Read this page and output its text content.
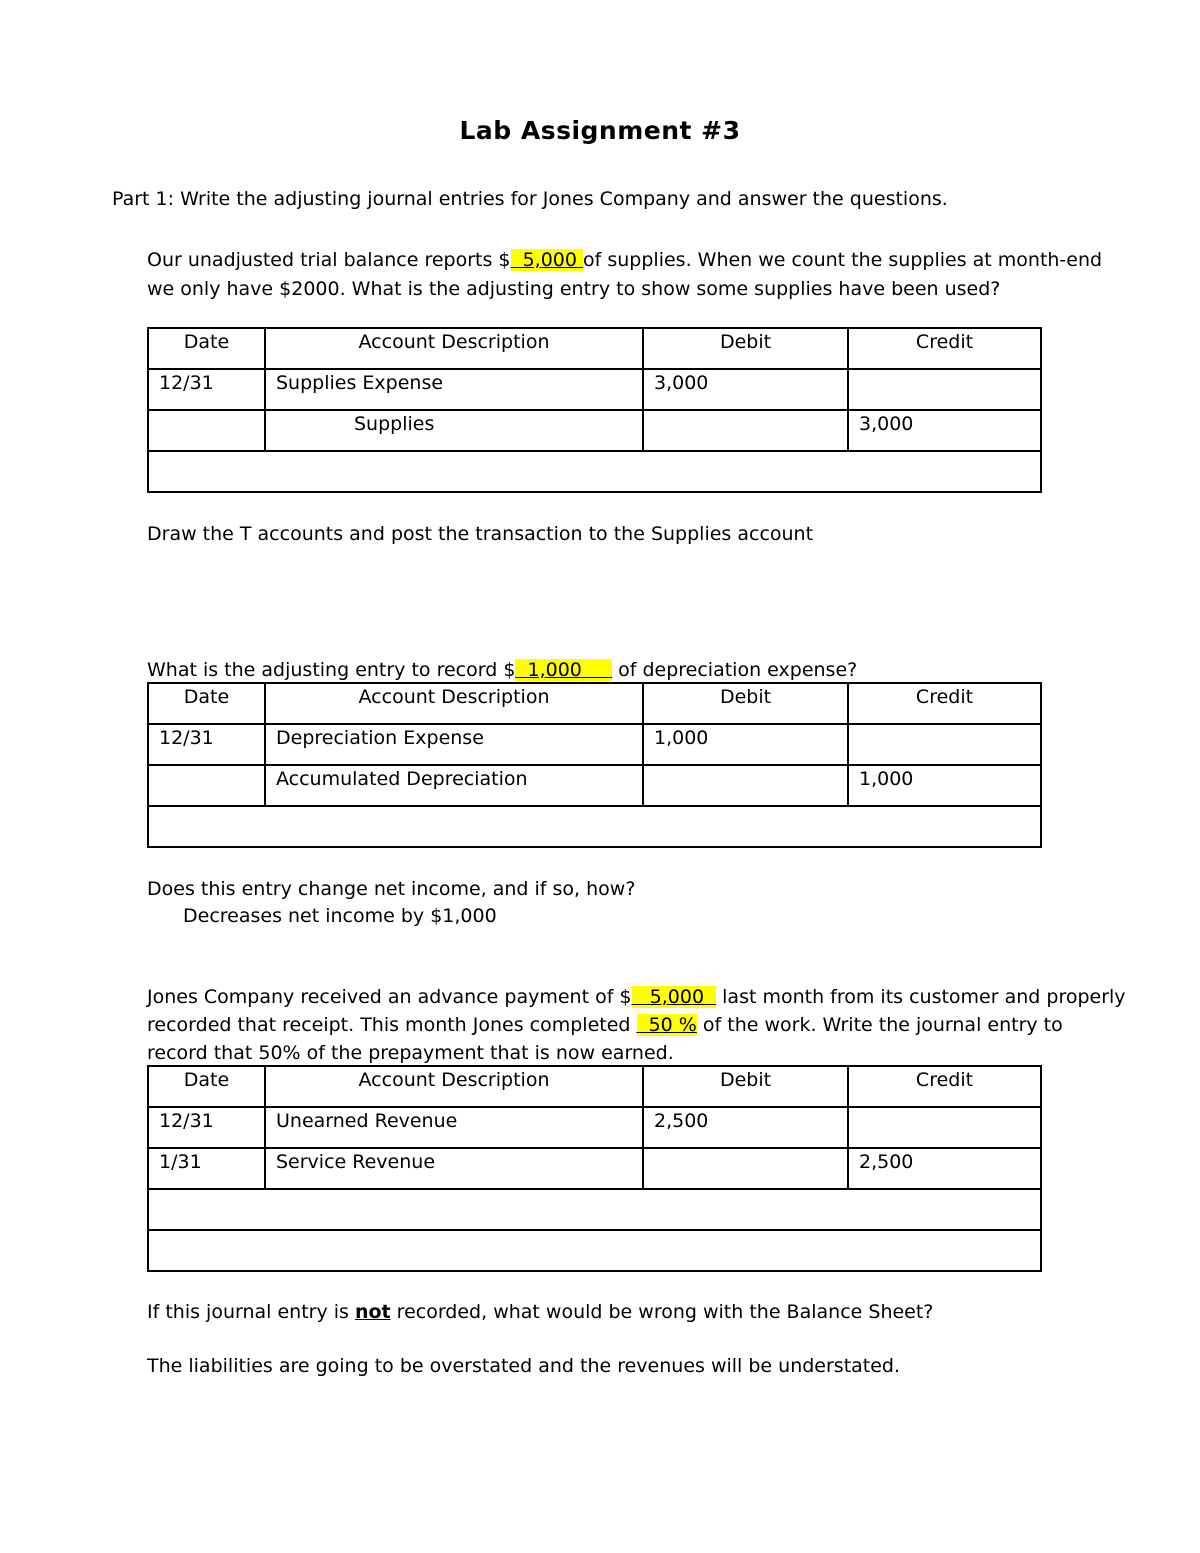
Lab Assignment #3
Part 1: Write the adjusting journal entries for Jones Company and answer the questions.
Our unadjusted trial balance reports $  5,000 of supplies. When we count the supplies at month-end
we only have $2000. What is the adjusting entry to show some supplies have been used?
Date	Account Description	Debit	Credit
12/31	Supplies Expense	3,000	
	Supplies		3,000

Draw the T accounts and post the transaction to the Supplies account
What is the adjusting entry to record $  1,000      of depreciation expense?
Date	Account Description	Debit	Credit
12/31	Depreciation Expense	1,000	
	Accumulated Depreciation		1,000

Does this entry change net income, and if so, how?
Decreases net income by $1,000
Jones Company received an advance payment of $   5,000   last month from its customer and properly
recorded that receipt. This month Jones completed   50 % of the work. Write the journal entry to
record that 50% of the prepayment that is now earned.
Date	Account Description	Debit	Credit
12/31	Unearned Revenue	2,500	
1/31	Service Revenue		2,500

If this journal entry is not recorded, what would be wrong with the Balance Sheet?
The liabilities are going to be overstated and the revenues will be understated.
